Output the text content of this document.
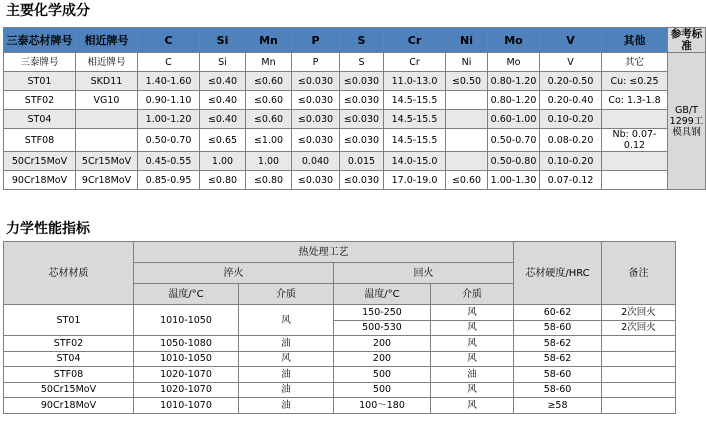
主要化学成分
三泰芯材牌号	相近牌号	C	Si	Mn	P	S	Cr	Ni	Mo	V	其他	参考标准
三泰牌号	相近牌号	C	Si	Mn	P	S	Cr	Ni	Mo	V	其它	GB/T 1299工模具钢
ST01	SKD11	1.40-1.60	≤0.40	≤0.60	≤0.030	≤0.030	11.0-13.0	≤0.50	0.80-1.20	0.20-0.50	Cu: ≤0.25	
STF02	VG10	0.90-1.10	≤0.40	≤0.60	≤0.030	≤0.030	14.5-15.5		0.80-1.20	0.20-0.40	Co: 1.3-1.8	
ST04		1.00-1.20	≤0.40	≤0.60	≤0.030	≤0.030	14.5-15.5		0.60-1.00	0.10-0.20		
STF08		0.50-0.70	≤0.65	≤1.00	≤0.030	≤0.030	14.5-15.5		0.50-0.70	0.08-0.20	Nb: 0.07-0.12	
50Cr15MoV	5Cr15MoV	0.45-0.55	1.00	1.00	0.040	0.015	14.0-15.0		0.50-0.80	0.10-0.20		
90Cr18MoV	9Cr18MoV	0.85-0.95	≤0.80	≤0.80	≤0.030	≤0.030	17.0-19.0	≤0.60	1.00-1.30	0.07-0.12		
力学性能指标
芯材材质	热处理工艺				芯材硬度/HRC	备注
	淬火		回火			
	温度/°C	介质	温度/°C	介质		
ST01	1010-1050	风	150-250	风	60-62	2次回火
			500-530	风	58-60	2次回火
STF02	1050-1080	油	200	风	58-62	
ST04	1010-1050	风	200	风	58-62	
STF08	1020-1070	油	500	油	58-60	
50Cr15MoV	1020-1070	油	500	风	58-60	
90Cr18MoV	1010-1070	油	100～180	风	≥58	
